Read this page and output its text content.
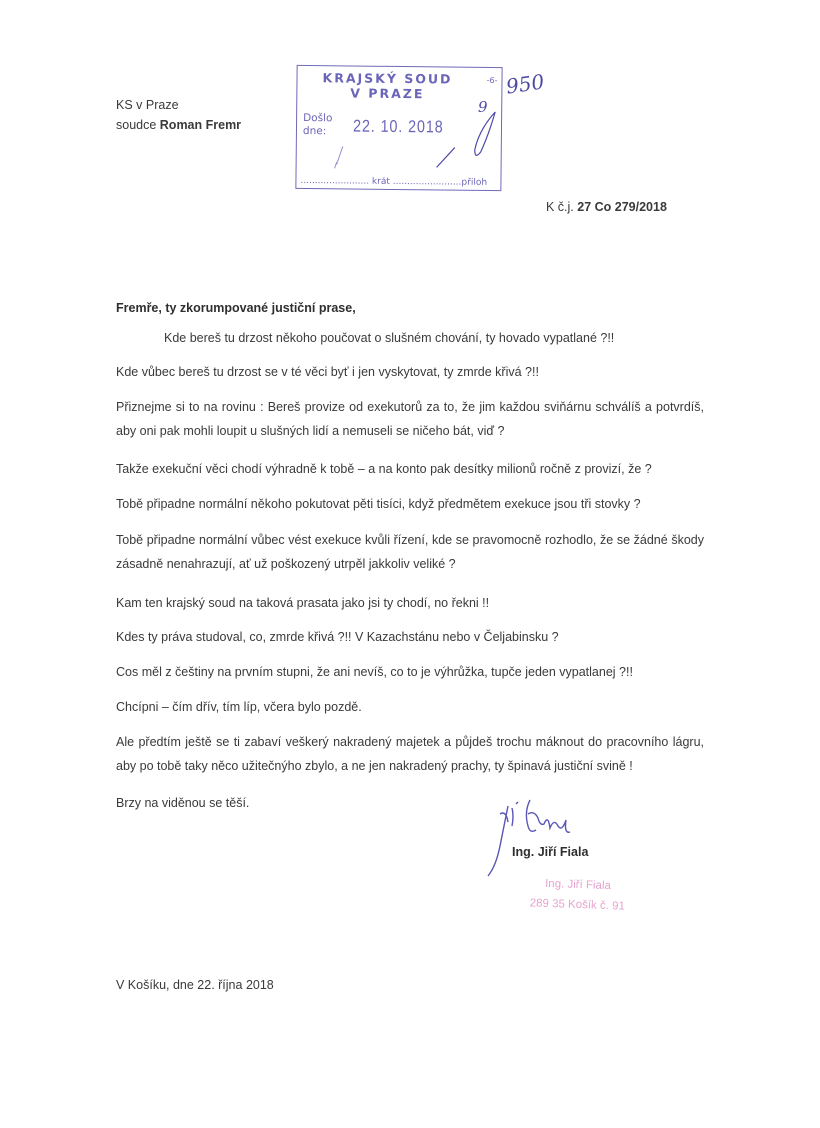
KS v Praze
soudce Roman Fremr
KRAJSKÝ SOUD
V PRAZE
-6-
Došlo
dne:	22. 10. 2018
........................ krát ........................přiloh
950
9
K č.j. 27 Co 279/2018
Fremře, ty zkorumpované justiční prase,

Kde bereš tu drzost někoho poučovat o slušném chování, ty hovado vypatlané ?!!

Kde vůbec bereš tu drzost se v té věci byť i jen vyskytovat, ty zmrde křivá ?!!

Přiznejme si to na rovinu : Bereš provize od exekutorů za to, že jim každou sviňárnu schválíš a potvrdíš, aby oni pak mohli loupit u slušných lidí a nemuseli se ničeho bát, viď ?

Takže exekuční věci chodí výhradně k tobě – a na konto pak desítky milionů ročně z provizí, že ?

Tobě připadne normální někoho pokutovat pěti tisíci, když předmětem exekuce jsou tři stovky ?

Tobě připadne normální vůbec vést exekuce kvůli řízení, kde se pravomocně rozhodlo, že se žádné škody zásadně nenahrazují, ať už poškozený utrpěl jakkoliv veliké ?

Kam ten krajský soud na taková prasata jako jsi ty chodí, no řekni !!

Kdes ty práva studoval, co, zmrde křivá ?!! V Kazachstánu nebo v Čeljabinsku ?

Cos měl z češtiny na prvním stupni, že ani nevíš, co to je výhrůžka, tupče jeden vypatlanej ?!!

Chcípni – čím dřív, tím líp, včera bylo pozdě.

Ale předtím ještě se ti zabaví veškerý nakradený majetek a půjdeš trochu máknout do pracovního lágru, aby po tobě taky něco užitečnýho zbylo, a ne jen nakradený prachy, ty špinavá justiční svině !

Brzy na viděnou se těší.

Ing. Jiří Fiala
Ing. Jiří Fiala
289 35 Košík č. 91
V Košíku, dne 22. října 2018
